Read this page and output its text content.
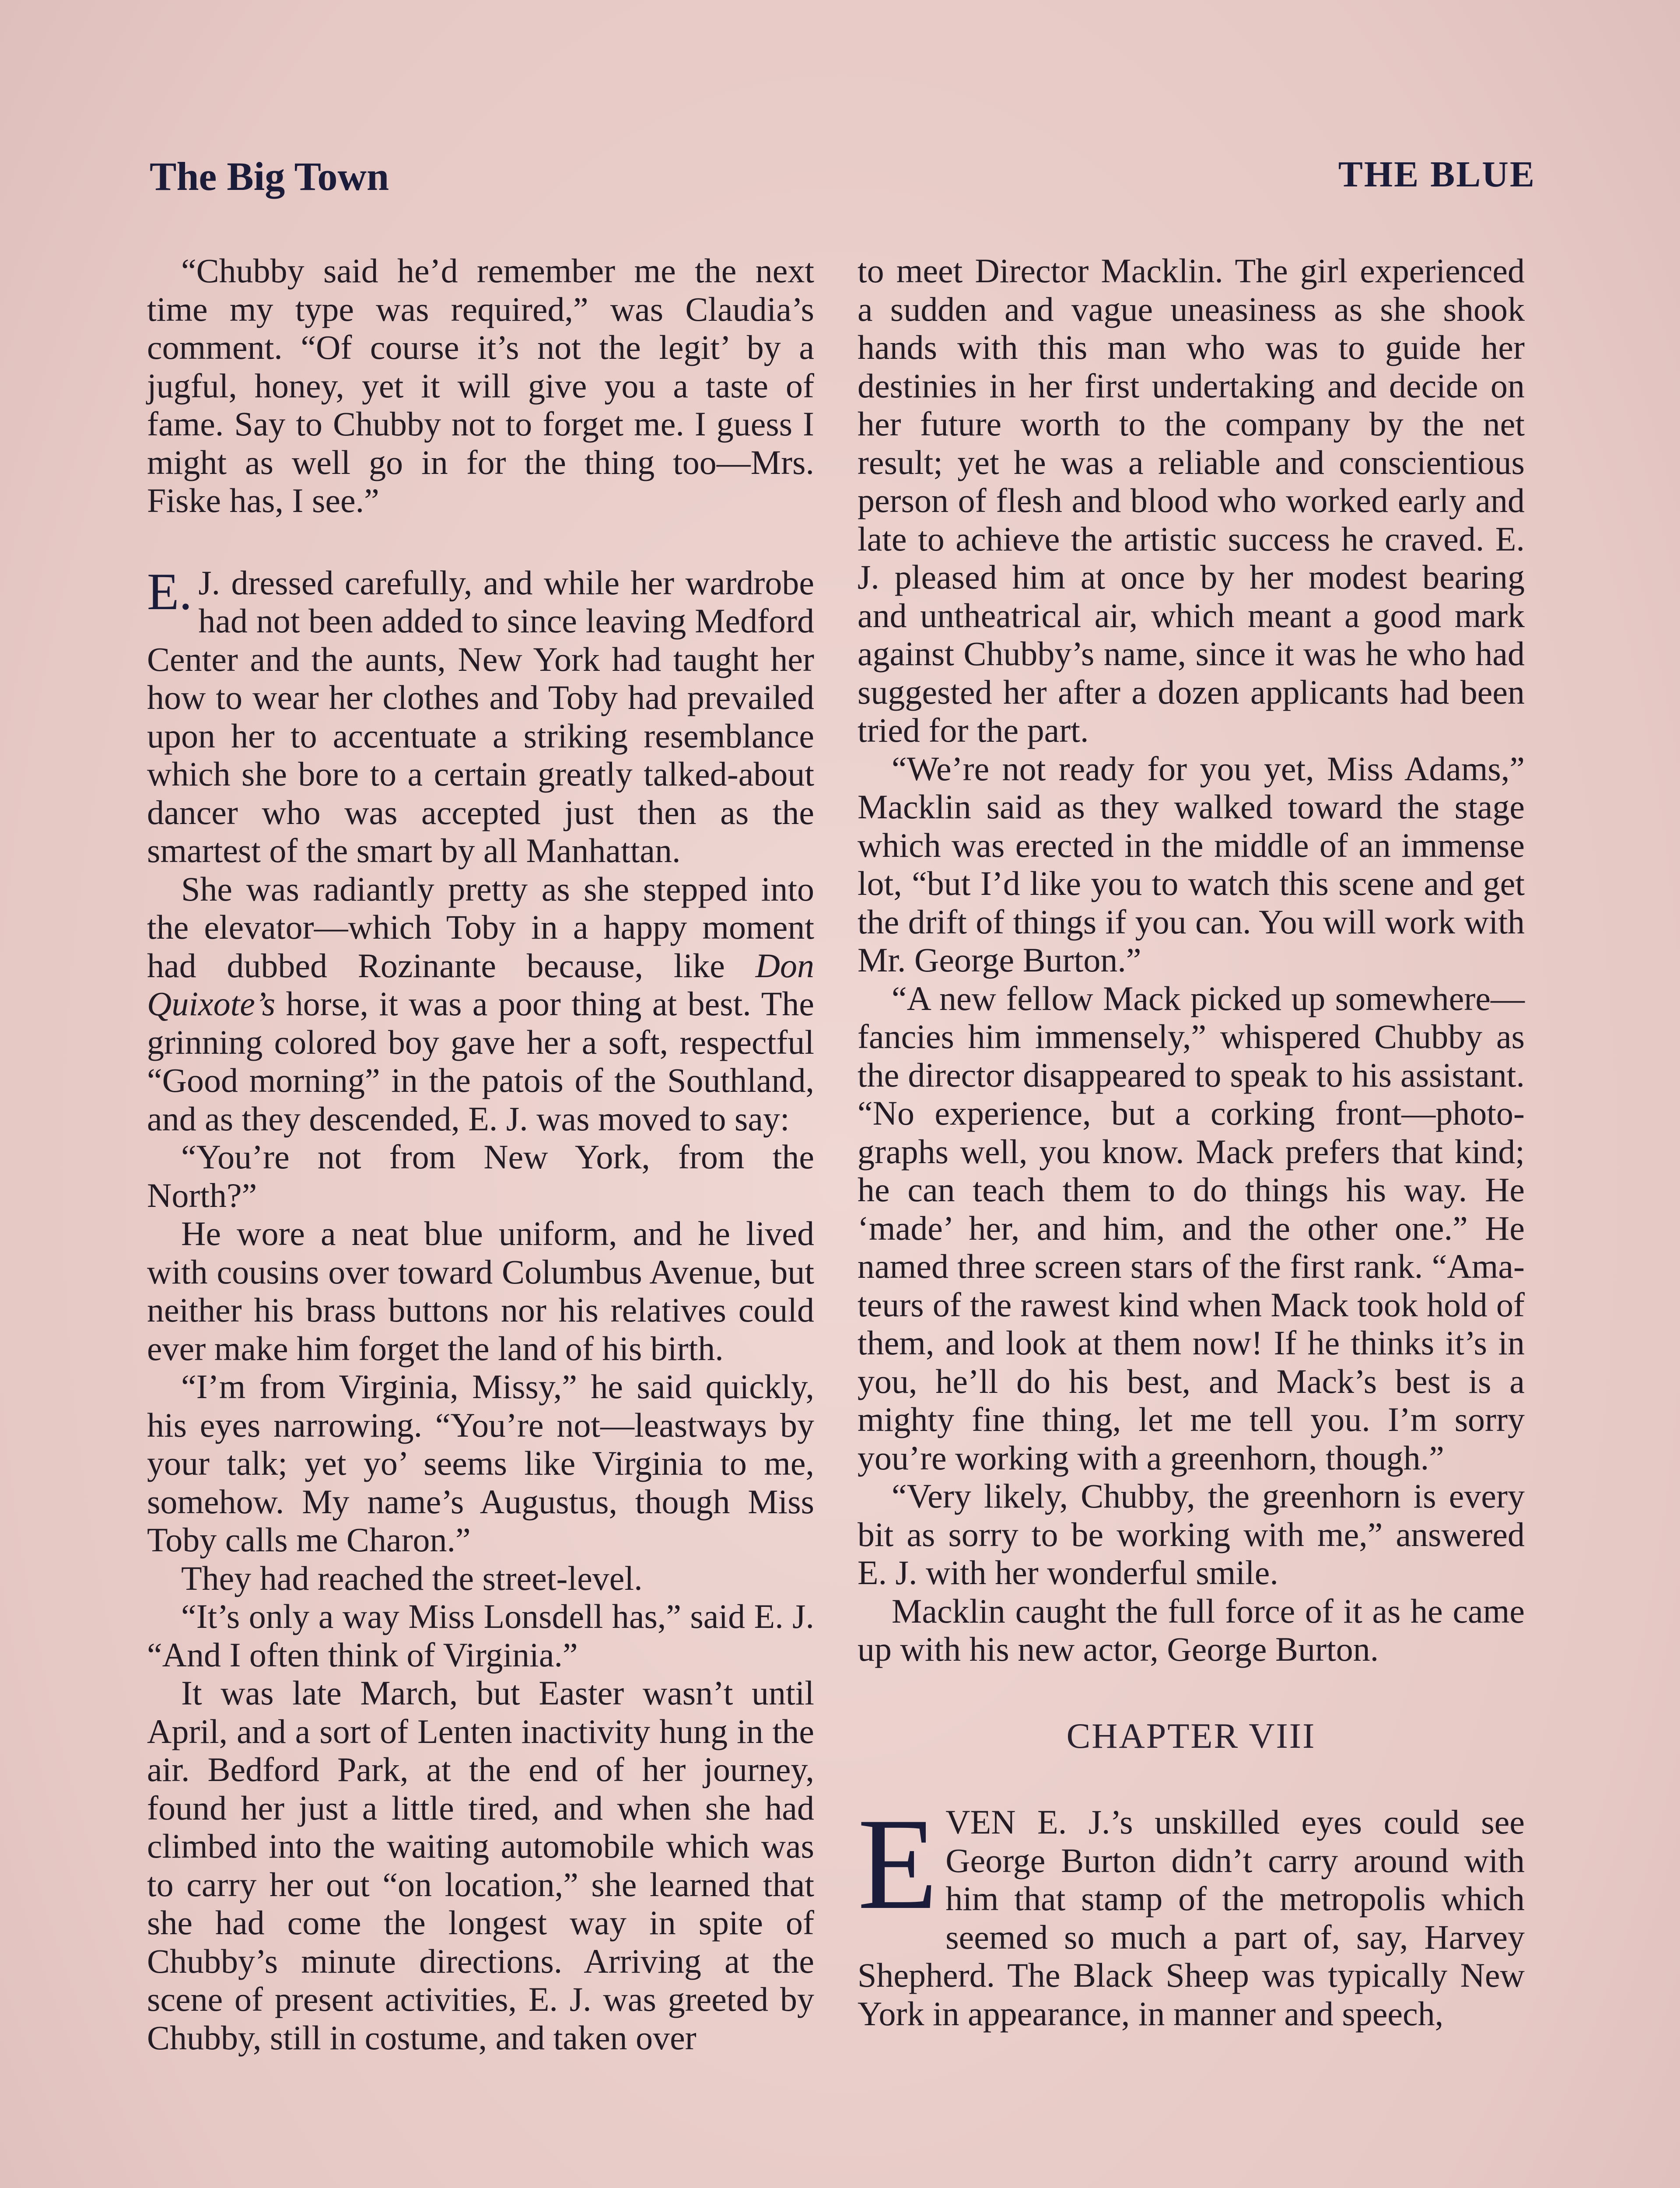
The Big Town	THE BLUE

“Chubby said he’d remember me the next time my type was required,” was Claudia’s comment. “Of course it’s not the legit’ by a jugful, honey, yet it will give you a taste of fame. Say to Chubby not to forget me. I guess I might as well go in for the thing too—Mrs. Fiske has, I see.”

E. J. dressed carefully, and while her wardrobe had not been added to since leaving Medford Center and the aunts, New York had taught her how to wear her clothes and Toby had prevailed upon her to accentuate a striking resemblance which she bore to a certain greatly talked-about dancer who was accepted just then as the smartest of the smart by all Manhattan.

She was radiantly pretty as she stepped into the elevator—which Toby in a happy moment had dubbed Rozinante because, like Don Quixote’s horse, it was a poor thing at best. The grinning colored boy gave her a soft, respectful “Good morning” in the patois of the Southland, and as they descended, E. J. was moved to say:

“You’re not from New York, from the North?”

He wore a neat blue uniform, and he lived with cousins over toward Columbus Avenue, but neither his brass buttons nor his relatives could ever make him forget the land of his birth.

“I’m from Virginia, Missy,” he said quickly, his eyes narrowing. “You’re not—leastways by your talk; yet yo’ seems like Virginia to me, somehow. My name’s Augustus, though Miss Toby calls me Charon.”

They had reached the street-level.

“It’s only a way Miss Lonsdell has,” said E. J. “And I often think of Virginia.”

It was late March, but Easter wasn’t until April, and a sort of Lenten inactivity hung in the air. Bedford Park, at the end of her journey, found her just a little tired, and when she had climbed into the waiting automobile which was to carry her out “on location,” she learned that she had come the longest way in spite of Chubby’s minute directions. Arriving at the scene of present activities, E. J. was greeted by Chubby, still in costume, and taken over

to meet Director Macklin. The girl experienced a sudden and vague uneasiness as she shook hands with this man who was to guide her destinies in her first undertaking and decide on her future worth to the company by the net result; yet he was a reliable and conscientious person of flesh and blood who worked early and late to achieve the artistic success he craved. E. J. pleased him at once by her modest bearing and untheatrical air, which meant a good mark against Chubby’s name, since it was he who had suggested her after a dozen applicants had been tried for the part.

“We’re not ready for you yet, Miss Adams,” Macklin said as they walked toward the stage which was erected in the middle of an immense lot, “but I’d like you to watch this scene and get the drift of things if you can. You will work with Mr. George Burton.”

“A new fellow Mack picked up somewhere—fancies him immensely,” whispered Chubby as the director disappeared to speak to his assistant. “No experience, but a corking front—photographs well, you know. Mack prefers that kind; he can teach them to do things his way. He ‘made’ her, and him, and the other one.” He named three screen stars of the first rank. “Amateurs of the rawest kind when Mack took hold of them, and look at them now! If he thinks it’s in you, he’ll do his best, and Mack’s best is a mighty fine thing, let me tell you. I’m sorry you’re working with a greenhorn, though.”

“Very likely, Chubby, the greenhorn is every bit as sorry to be working with me,” answered E. J. with her wonderful smile.

Macklin caught the full force of it as he came up with his new actor, George Burton.

CHAPTER VIII

EVEN E. J.’s unskilled eyes could see George Burton didn’t carry around with him that stamp of the metropolis which seemed so much a part of, say, Harvey Shepherd. The Black Sheep was typically New York in appearance, in manner and speech,
